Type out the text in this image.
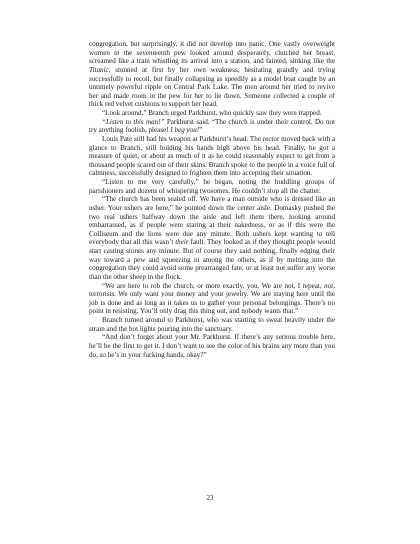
congregation, but surprisingly, it did not develop into panic. One vastly overweight women in the seventeenth pew looked around desperately, clutched her breast, screamed like a train whistling its arrival into a station, and fainted, sinking like the Titanic, stunned at first by her own weakness, hesitating grandly and trying successfully to recoil, but finally collapsing as speedily as a model boat caught by an untimely powerful ripple on Central Park Lake. The men around her tried to revive her and made room in the pew for her to lie down. Someone collected a couple of thick red velvet cushions to support her head.

“Look around,” Branch urged Parkhurst, who quickly saw they were trapped.

“Listen to this man!” Parkhurst said. “The church is under their control. Do not try anything foolish, please! I beg you!”

Louis Pate still had his weapon at Parkhurst’s head. The rector moved back with a glance to Branch, still holding his hands high above his head. Finally, he got a measure of quiet, or about as much of it as he could reasonably expect to get from a thousand people scared out of their skins. Branch spoke to the people in a voice full of calmness, successfully designed to frighten them into accepting their situation.

“Listen to me very carefully,” he began, noting the huddling groups of parishioners and dozens of whispering twosomes. He couldn’t stop all the chatter.

“The church has been sealed off. We have a man outside who is dressed like an usher. Your ushers are here,” he pointed down the center aisle. Domasky pushed the two real ushers halfway down the aisle and left them there, looking around embarrassed, as if people were staring at their nakedness, or as if this were the Colliseum and the lions were due any minute. Both ushers kept wanting to tell everybody that all this wasn’t their fault. They looked as if they thought people would start casting stones any minute. But of course they said nothing, finally edging their way toward a pew and squeezing in among the others, as if by melting into the congregation they could avoid some prearranged fate, or at least not suffer any worse than the other sheep in the flock.

“We are here to rob the church, or more exactly, you. We are not, I repeat, not, terrorists. We only want your money and your jewelry. We are staying here until the job is done and as long as it takes us to gather your personal belongings. There’s no point in resisting. You’ll only drag this thing out, and nobody wants that.”

Branch turned around to Parkhurst, who was starting to sweat heavily under the strain and the hot lights pouring into the sanctuary.

“And don’t forget about your Mr. Parkhurst. If there’s any serious trouble here, he’ll be the first to get it. I don’t want to see the color of his brains any more than you do, so he’s in your fucking hands, okay?”

23
